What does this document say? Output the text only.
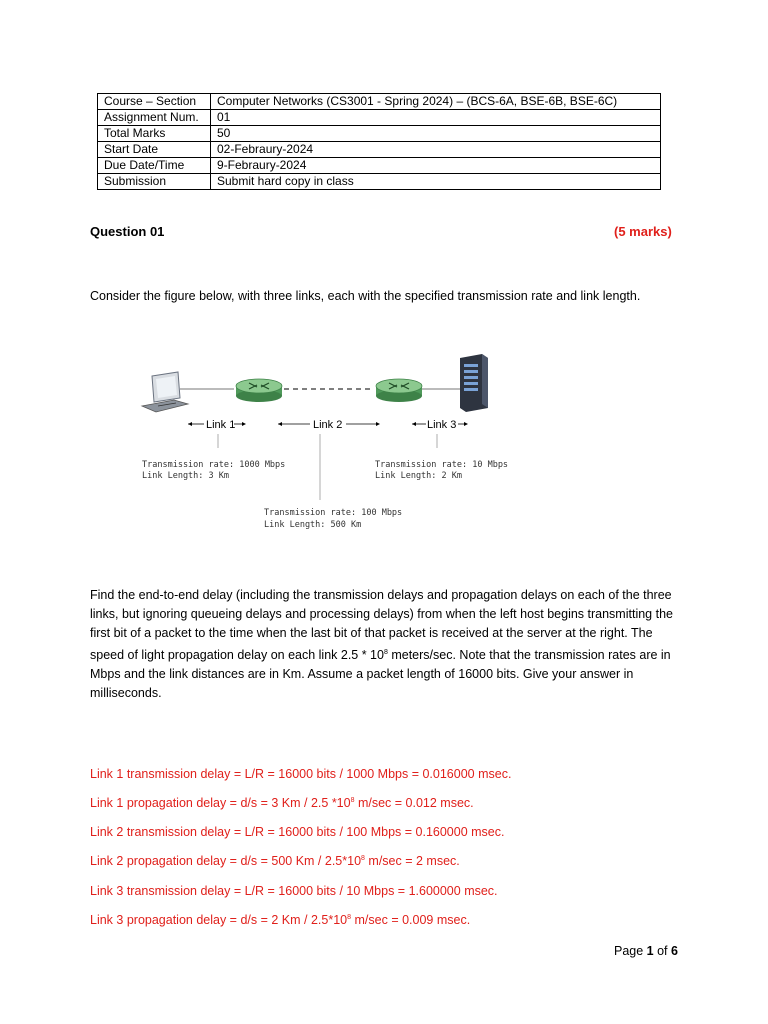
Course – Section	Computer Networks (CS3001 - Spring 2024) – (BCS-6A, BSE-6B, BSE-6C)
Assignment Num.	01
Total Marks	50
Start Date	02-Febraury-2024
Due Date/Time	9-Febraury-2024
Submission	Submit hard copy in class
Question 01	(5 marks)
Consider the figure below, with three links, each with the specified transmission rate and link length.
Link 1	Link 2	Link 3
Transmission rate: 1000 Mbps
Link Length: 3 Km
Transmission rate: 10 Mbps
Link Length: 2 Km
Transmission rate: 100 Mbps
Link Length: 500 Km
Find the end-to-end delay (including the transmission delays and propagation delays on each of the three links, but ignoring queueing delays and processing delays) from when the left host begins transmitting the first bit of a packet to the time when the last bit of that packet is received at the server at the right. The speed of light propagation delay on each link $2.5 * 10^8$ meters/sec. Note that the transmission rates are in Mbps and the link distances are in Km. Assume a packet length of 16000 bits. Give your answer in milliseconds.
Link 1 transmission delay = L/R = 16000 bits / 1000 Mbps = 0.016000 msec.
Link 1 propagation delay = d/s = 3 Km / 2.5 $*10^8$ m/sec = 0.012 msec.
Link 2 transmission delay = L/R = 16000 bits / 100 Mbps = 0.160000 msec.
Link 2 propagation delay = d/s = 500 Km / $2.5*10^8$ m/sec = 2 msec.
Link 3 transmission delay = L/R = 16000 bits / 10 Mbps = 1.600000 msec.
Link 3 propagation delay = d/s = 2 Km / $2.5*10^8$ m/sec = 0.009 msec.
Page 1 of 6
